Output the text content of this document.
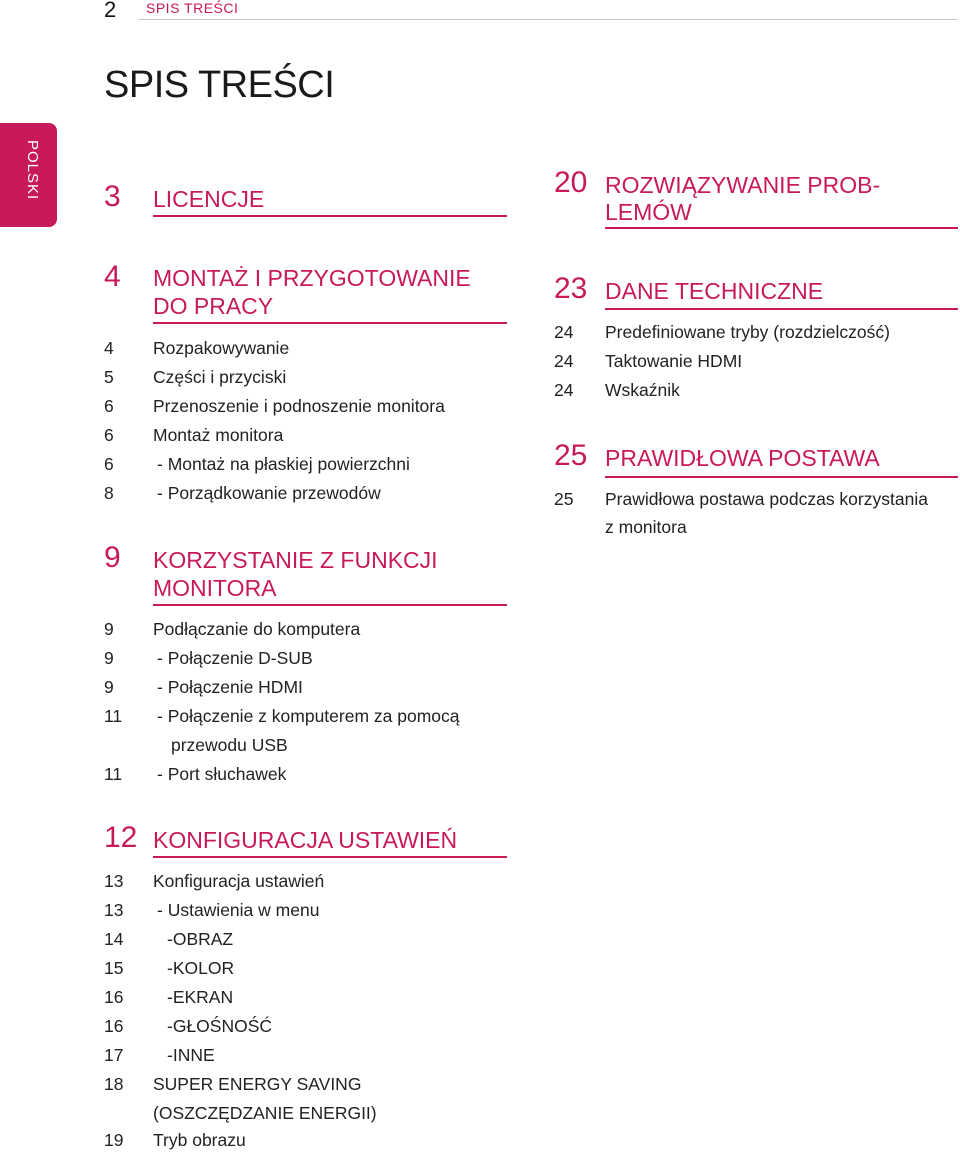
2 SPIS TREŚCI
SPIS TREŚCI
POLSKI 3 LICENCJE
4 MONTAŻ I PRZYGOTOWANIE
DO PRACY
4 Rozpakowywanie
5 Części i przyciski
6 Przenoszenie i podnoszenie monitora
6 Montaż monitora
6 - Montaż na płaskiej powierzchni
8 - Porządkowanie przewodów
9 KORZYSTANIE Z FUNKCJI
MONITORA
9 Podłączanie do komputera
9 - Połączenie D-SUB
9 - Połączenie HDMI
11 - Połączenie z komputerem za pomocą
przewodu USB
11 - Port słuchawek
12 KONFIGURACJA USTAWIEŃ
13 Konfiguracja ustawień
13 - Ustawienia w menu
14 -OBRAZ
15 -KOLOR
16 -EKRAN
16 -GŁOŚNOŚĆ
17 -INNE
18 SUPER ENERGY SAVING
(OSZCZĘDZANIE ENERGII)
19 Tryb obrazu
20 ROZWIĄZYWANIE PROB-
LEMÓW
23 DANE TECHNICZNE
24 Predefiniowane tryby (rozdzielczość)
24 Taktowanie HDMI
24 Wskaźnik
25 PRAWIDŁOWA POSTAWA
25 Prawidłowa postawa podczas korzystania
z monitora
